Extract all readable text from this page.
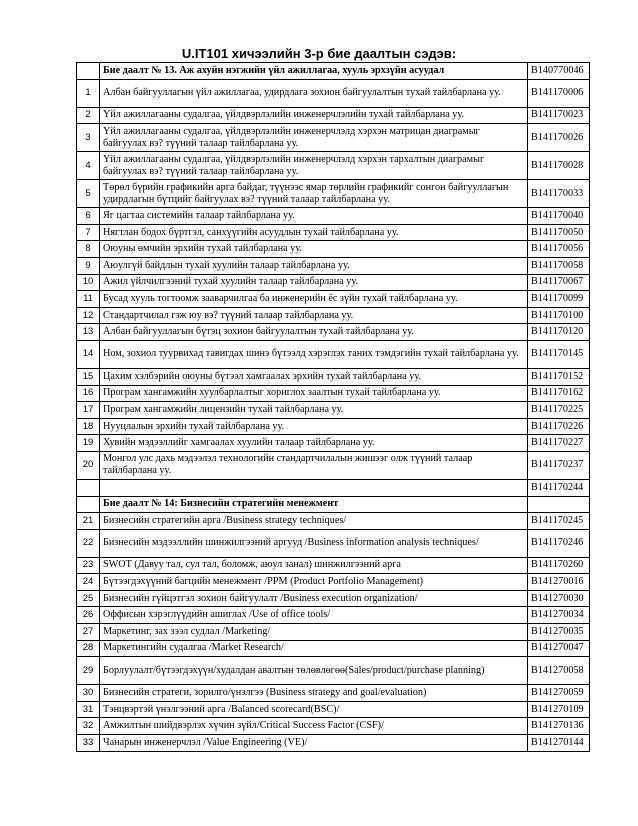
U.IT101 хичээлийн 3-р бие даалтын сэдэв:
	Бие даалт № 13. Аж ахуйн нэгжийн үйл ажиллагаа, хууль эрхзүйн асуудал	B140770046
1	Албан байгууллагын үйл ажиллагаа, удирдлага зохион байгуулалтын тухай тайлбарлана уу.	B141170006
2	Үйл ажиллагааны судалгаа, үйлдвэрлэлийн инженерчлэлийн тухай тайлбарлана уу.	B141170023
3	Үйл ажиллагааны судалгаа, үйлдвэрлэлийн инженерчлэлд хэрхэн матрицан диаграмыг байгуулах вэ? түүний талаар тайлбарлана уу.	B141170026
4	Үйл ажиллагааны судалгаа, үйлдвэрлэлийн инженерчлэлд хэрхэн тархалтын диаграмыг байгуулах вэ? түүний талаар тайлбарлана уу.	B141170028
5	Төрөл бүрийн графикийн арга байдаг, түүнээс ямар төрлийн графикийг сонгон байгууллагын удирдлагын бүтцийг байгуулах вэ? түүний талаар тайлбарлана уу.	B141170033
6	Яг цагтаа системийн талаар тайлбарлана уу.	B141170040
7	Нягтлан бодох бүртгэл, санхүүгийн асуудлын тухай тайлбарлана уу.	B141170050
8	Оюуны өмчийн эрхийн тухай тайлбарлана уу.	B141170056
9	Аюулгүй байдлын тухай хуулийн талаар тайлбарлана уу.	B141170058
10	Ажил үйлчилгээний тухай хуулийн талаар тайлбарлана уу.	B141170067
11	Бусад хууль тогтоомж зааварчилгаа ба инженерийн ёс зүйн тухай тайлбарлана уу.	B141170099
12	Стандартчилал гэж юу вэ? түүний талаар тайлбарлана уу.	B141170100
13	Албан байгууллагын бүтэц зохион байгуулалтын тухай тайлбарлана уу.	B141170120
14	Ном, зохиол туурвихад тавигдах шинэ бүтээлд хэрэглэх таних тэмдэгийн тухай тайлбарлана уу.	B141170145
15	Цахим хэлбэрийн оюуны бүтээл хамгаалах эрхийн тухай тайлбарлана уу.	B141170152
16	Програм хангамжийн хуулбарлалтыг хориглох заалтын тухай тайлбарлана уу.	B141170162
17	Програм хангамжийн лицензийн тухай тайлбарлана уу.	B141170225
18	Нууцлалын эрхийн тухай тайлбарлана уу.	B141170226
19	Хувийн мэдээллийг хамгаалах хуулийн талаар тайлбарлана уу.	B141170227
20	Монгол улс дахь мэдээлэл технологийн стандартчилалын жишээг олж түүний талаар тайлбарлана уу.	B141170237
		B141170244
	Бие даалт № 14: Бизнесийн стратегийн менежмент	
21	Бизнесийн стратегийн арга /Business strategy techniques/	B141170245
22	Бизнесийн мэдээллийн шинжилгээний аргууд /Business information analysis techniques/	B141170246
23	SWOT (Давуу тал, сул тал, боломж, аюул занал) шинжилгээний арга	B141170260
24	Бүтээгдэхүүний багцийн менежмент /PPM (Product Portfolio Management)	B141270016
25	Бизнесийн гүйцэтгэл зохион байгуулалт /Business execution organization/	B141270030
26	Оффисын хэрэглүүдийн ашиглах /Use of office tools/	B141270034
27	Маркетинг, зах зээл судлал /Marketing/	B141270035
28	Маркетингийн судалгаа /Market Research/	B141270047
29	Борлуулалт/бүтээгдэхүүн/худалдан авалтын төлөвлөгөө(Sales/product/purchase planning)	B141270058
30	Бизнесийн стратеги, зорилго/үнэлгээ (Business strategy and goal/evaluation)	B141270059
31	Тэнцвэртэй үнэлгээний арга /Balanced scorecard(BSC)/	B141270109
32	Амжилтын шийдвэрлэх хүчин зүйл/Critical Success Factor (CSF)/	B141270136
33	Чанарын инженерчлэл /Value Engineering (VE)/	B141270144
